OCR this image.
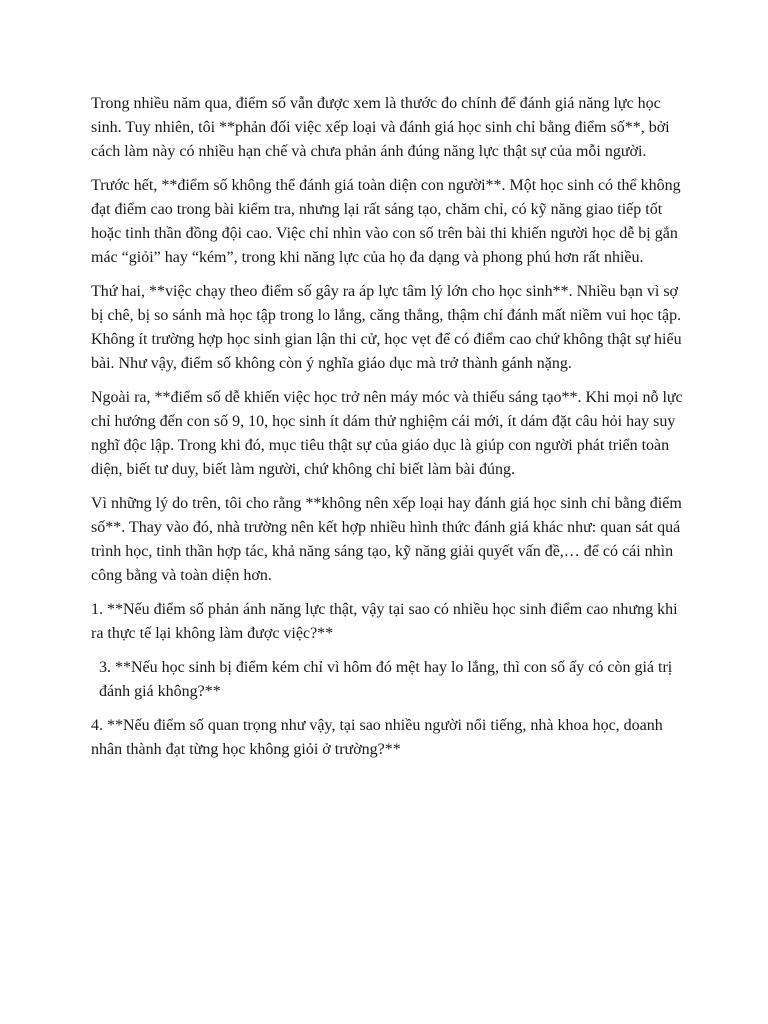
Trong nhiều năm qua, điểm số vẫn được xem là thước đo chính để đánh giá năng lực học sinh. Tuy nhiên, tôi **phản đối việc xếp loại và đánh giá học sinh chỉ bằng điểm số**, bởi cách làm này có nhiều hạn chế và chưa phản ánh đúng năng lực thật sự của mỗi người.

Trước hết, **điểm số không thể đánh giá toàn diện con người**. Một học sinh có thể không đạt điểm cao trong bài kiểm tra, nhưng lại rất sáng tạo, chăm chỉ, có kỹ năng giao tiếp tốt hoặc tinh thần đồng đội cao. Việc chỉ nhìn vào con số trên bài thi khiến người học dễ bị gắn mác “giỏi” hay “kém”, trong khi năng lực của họ đa dạng và phong phú hơn rất nhiều.

Thứ hai, **việc chạy theo điểm số gây ra áp lực tâm lý lớn cho học sinh**. Nhiều bạn vì sợ bị chê, bị so sánh mà học tập trong lo lắng, căng thẳng, thậm chí đánh mất niềm vui học tập. Không ít trường hợp học sinh gian lận thi cử, học vẹt để có điểm cao chứ không thật sự hiểu bài. Như vậy, điểm số không còn ý nghĩa giáo dục mà trở thành gánh nặng.

Ngoài ra, **điểm số dễ khiến việc học trở nên máy móc và thiếu sáng tạo**. Khi mọi nỗ lực chỉ hướng đến con số 9, 10, học sinh ít dám thử nghiệm cái mới, ít dám đặt câu hỏi hay suy nghĩ độc lập. Trong khi đó, mục tiêu thật sự của giáo dục là giúp con người phát triển toàn diện, biết tư duy, biết làm người, chứ không chỉ biết làm bài đúng.

Vì những lý do trên, tôi cho rằng **không nên xếp loại hay đánh giá học sinh chỉ bằng điểm số**. Thay vào đó, nhà trường nên kết hợp nhiều hình thức đánh giá khác như: quan sát quá trình học, tinh thần hợp tác, khả năng sáng tạo, kỹ năng giải quyết vấn đề,… để có cái nhìn công bằng và toàn diện hơn.

1. **Nếu điểm số phản ánh năng lực thật, vậy tại sao có nhiều học sinh điểm cao nhưng khi ra thực tế lại không làm được việc?**

3. **Nếu học sinh bị điểm kém chỉ vì hôm đó mệt hay lo lắng, thì con số ấy có còn giá trị đánh giá không?**

4. **Nếu điểm số quan trọng như vậy, tại sao nhiều người nổi tiếng, nhà khoa học, doanh nhân thành đạt từng học không giỏi ở trường?**
